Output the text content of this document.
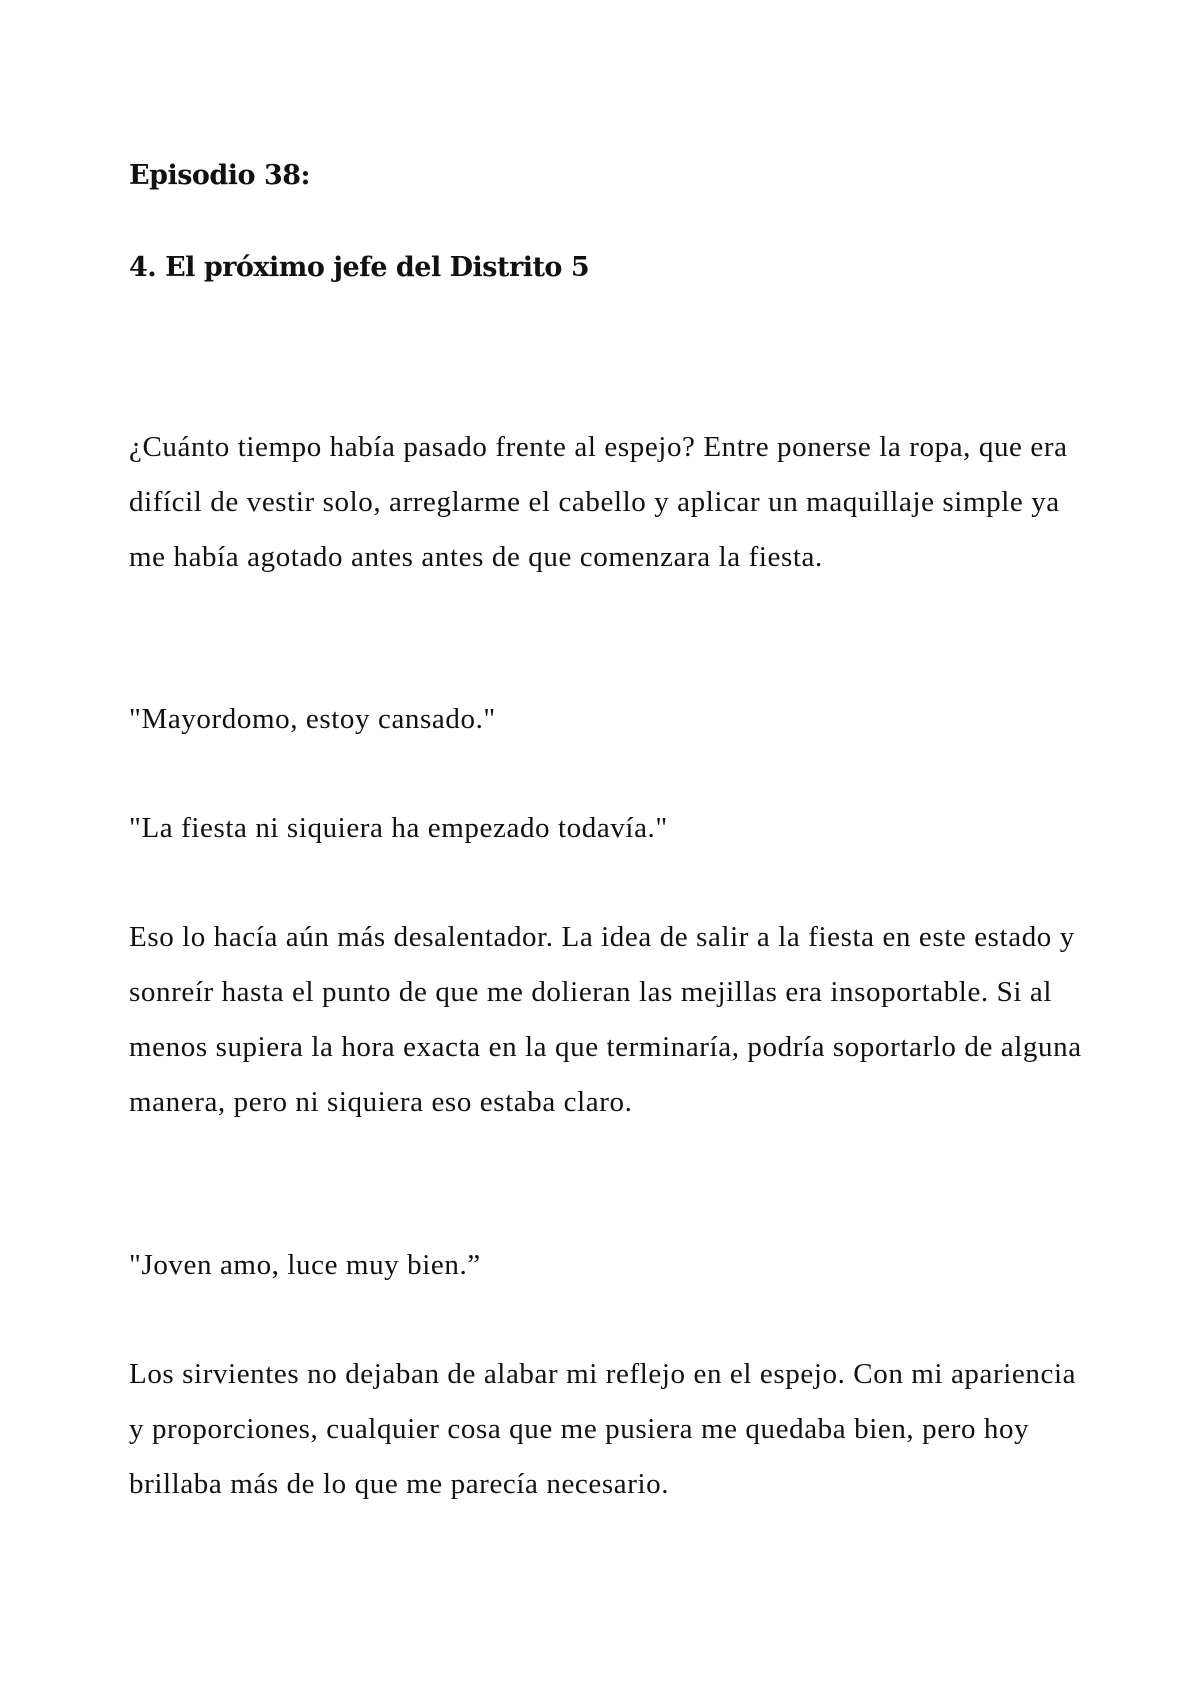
Episodio 38:
4. El próximo jefe del Distrito 5

¿Cuánto tiempo había pasado frente al espejo? Entre ponerse la ropa, que era difícil de vestir solo, arreglarme el cabello y aplicar un maquillaje simple ya me había agotado antes antes de que comenzara la fiesta.

"Mayordomo, estoy cansado."

"La fiesta ni siquiera ha empezado todavía."

Eso lo hacía aún más desalentador. La idea de salir a la fiesta en este estado y sonreír hasta el punto de que me dolieran las mejillas era insoportable. Si al menos supiera la hora exacta en la que terminaría, podría soportarlo de alguna manera, pero ni siquiera eso estaba claro.

"Joven amo, luce muy bien.”

Los sirvientes no dejaban de alabar mi reflejo en el espejo. Con mi apariencia y proporciones, cualquier cosa que me pusiera me quedaba bien, pero hoy brillaba más de lo que me parecía necesario.
